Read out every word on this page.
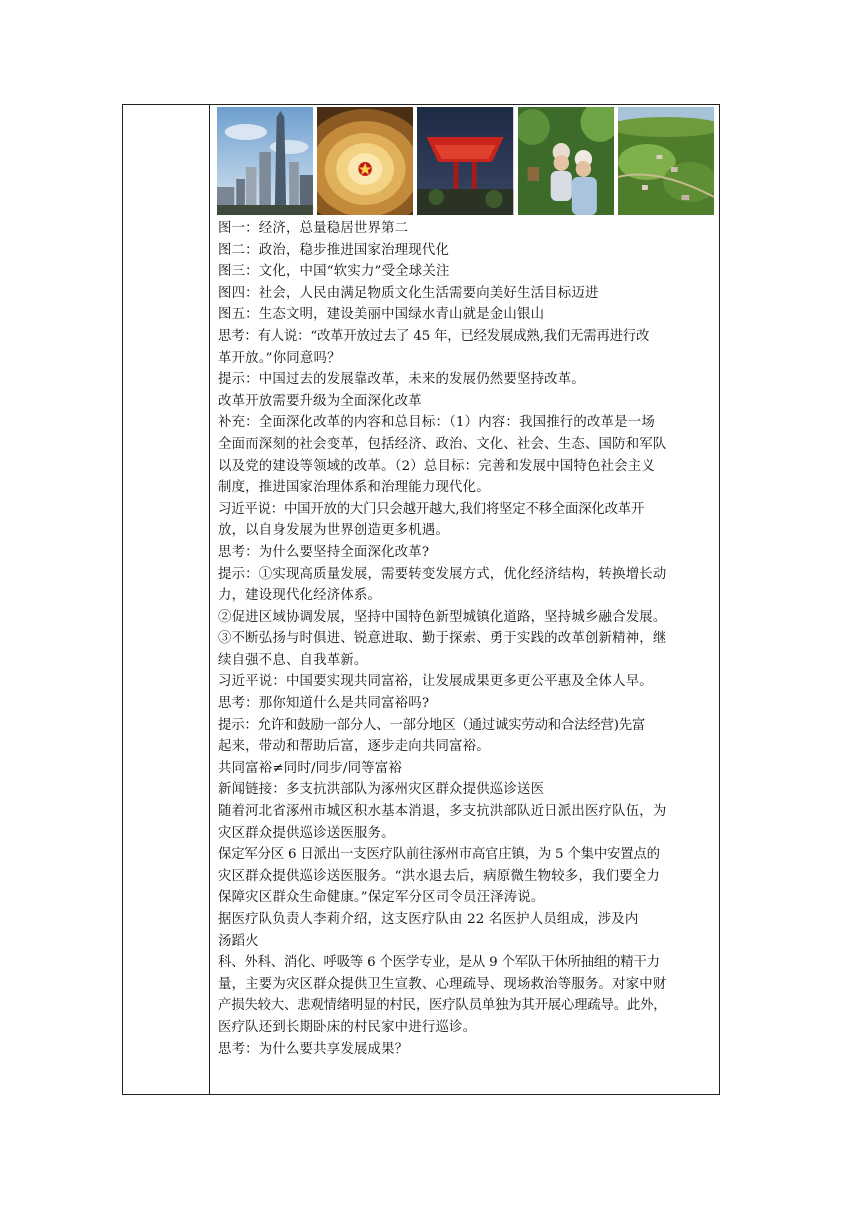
图一：经济，总量稳居世界第二
图二：政治，稳步推进国家治理现代化
图三：文化，中国“软实力”受全球关注
图四：社会，人民由满足物质文化生活需要向美好生活目标迈进
图五：生态文明，建设美丽中国绿水青山就是金山银山
思考：有人说：“改革开放过去了 45 年，已经发展成熟,我们无需再进行改
革开放。”你同意吗？
提示：中国过去的发展靠改革，未来的发展仍然要坚持改革。
改革开放需要升级为全面深化改革
补充：全面深化改革的内容和总目标：（1）内容：我国推行的改革是一场
全面而深刻的社会变革，包括经济、政治、文化、社会、生态、国防和军队
以及党的建设等领域的改革。（2）总目标：完善和发展中国特色社会主义
制度，推进国家治理体系和治理能力现代化。
习近平说：中国开放的大门只会越开越大,我们将坚定不移全面深化改革开
放，以自身发展为世界创造更多机遇。
思考：为什么要坚持全面深化改革?
提示：①实现高质量发展，需要转变发展方式，优化经济结构，转换增长动
力，建设现代化经济体系。
②促进区域协调发展，坚持中国特色新型城镇化道路，坚持城乡融合发展。
③不断弘扬与时俱进、锐意进取、勤于探索、勇于实践的改革创新精神，继
续自强不息、自我革新。
习近平说：中国要实现共同富裕，让发展成果更多更公平惠及全体人早。
思考：那你知道什么是共同富裕吗?
提示：允许和鼓励一部分人、一部分地区（通过诚实劳动和合法经营)先富
起来，带动和帮助后富，逐步走向共同富裕。
共同富裕≠同时/同步/同等富裕
新闻链接：多支抗洪部队为涿州灾区群众提供巡诊送医
随着河北省涿州市城区积水基本消退，多支抗洪部队近日派出医疗队伍，为
灾区群众提供巡诊送医服务。
保定军分区 6 日派出一支医疗队前往涿州市高官庄镇，为 5 个集中安置点的
灾区群众提供巡诊送医服务。“洪水退去后，病原微生物较多，我们要全力
保障灾区群众生命健康。”保定军分区司令员汪泽涛说。
据医疗队负责人李莉介绍，这支医疗队由 22 名医护人员组成，涉及内
汤蹈火
科、外科、消化、呼吸等 6 个医学专业，是从 9 个军队干休所抽组的精干力
量，主要为灾区群众提供卫生宣教、心理疏导、现场救治等服务。对家中财
产损失较大、悲观情绪明显的村民，医疗队员单独为其开展心理疏导。此外，
医疗队还到长期卧床的村民家中进行巡诊。
思考：为什么要共享发展成果？
